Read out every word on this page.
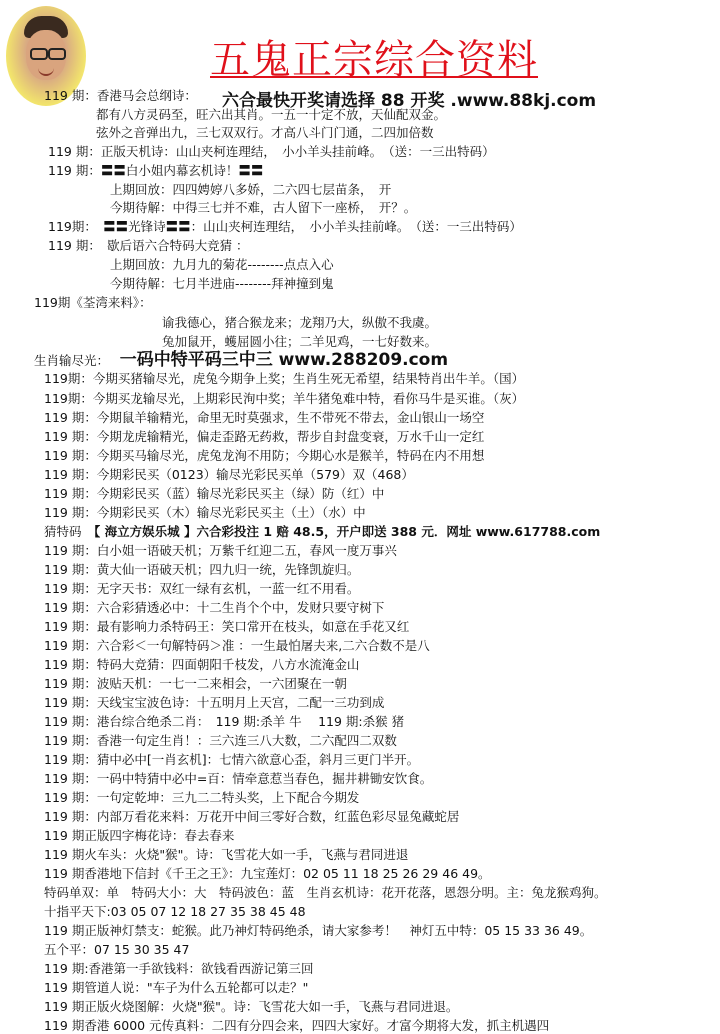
五鬼正宗综合资料
六合最快开奖请选择 88 开奖 .www.88kj.com
119 期：香港马会总纲诗：
都有八方灵码至，旺六出其肖。一五一十定不放，天仙配双金。
弦外之音弹出九，三七双双行。才高八斗门门通，二四加倍数
119 期：正版天机诗：山山夹柯连理结，　小小羊头挂前峰。　（送：一三出特码）
119 期：〓〓白小姐内幕玄机诗！〓〓
上期回放：四四娉婷八多娇，二六四七层苗条，　开
今期待解：中得三七并不难，古人留下一座桥，　开？。
119期：　〓〓光锋诗〓〓：山山夹柯连理结，　小小羊头挂前峰。　（送：一三出特码）
119 期：　歇后语六合特码大竞猜 ：
上期回放：九月九的菊花--------点点入心
今期待解：七月半进庙--------拜神撞到鬼
119期《荃湾来料》：
谕我德心，猪合猴龙来；龙翔乃大，纵傲不我虞。
兔加鼠开，蠖屈圆小往；二羊见鸡，一七好数来。
生肖输尽光：　一码中特平码三中三 www.288209.com
119期：今期买猪输尽光，虎兔今期争上奖；生肖生死无希望，结果特肖出牛羊。（国）
119期：今期买龙输尽光，上期彩民洵中奖；羊牛猪兔难中特，看你马牛是买谁。（灰）
119 期：今期鼠羊输精光，命里无时莫强求，生不带死不带去，金山银山一场空
119 期：今期龙虎输精光，偏走歪路无药救，帮步自封盘变衰，万水千山一定红
119 期：今期买马输尽光，虎兔龙洵不用防；今期心水是猴羊，特码在内不用想
119 期：今期彩民买（0123）输尽光彩民买单（579）双（468）
119 期：今期彩民买（蓝）输尽光彩民买主（绿）防（红）中
119 期：今期彩民买（木）输尽光彩民买主（土）（水）中
猜特码　【 海立方娱乐城 】六合彩投注 1 赔 48.5，开户即送 388 元．网址 www.617788.com
119 期：白小姐一语破天机；万紫千红迎二五，春风一度万事兴
119 期：黄大仙一语破天机；四九归一统，先锋凯旋归。
119 期：无字天书：双红一绿有玄机，一蓝一红不用看。
119 期：六合彩猜透必中：十二生肖个个中，发财只要守树下
119 期：最有影响力杀特码王：笑口常开在枝头，如意在手花又红
119 期：六合彩＜一句解特码＞准 ：一生最怕屠夫来,二六合数不是八
119 期：特码大竞猜：四面朝阳千枝发，八方水流淹金山
119 期：波贴天机：一七一二来相会，一六团聚在一朝
119 期：天线宝宝波色诗：十五明月上天宫，二配一三功到成
119 期：港台综合绝杀二肖：　119 期:杀羊 牛　 119 期:杀猴 猪
119 期：香港一句定生肖！：三六连三八大数，二六配四二双数
119 期：猜中必中[一肖玄机]：七情六欲意心歪，斜月三更门半开。
119 期：一码中特猜中必中=百：情牵意惹当春色，掘井耕锄安饮食。
119 期：一句定乾坤：三九二二特头奖，上下配合今期发
119 期：内部万看花来料：万花开中间三零好合数，红蓝色彩尽显兔藏蛇居
119 期正版四字梅花诗：春去春来
119 期火车头：火烧"猴"。诗：飞雪花大如一手，飞燕与君同进退
119 期香港地下信封《千王之王》：九宝莲灯：02 05 11 18 25 26 29 46 49。
特码单双：单　特码大小：大　特码波色：蓝　生肖玄机诗：花开花落，恩怨分明。主：兔龙猴鸡狗。
十指平天下:03 05 07 12 18 27 35 38 45 48
119 期正版神灯禁支：蛇猴。此乃神灯特码绝杀，请大家参考！　神灯五中特：05 15 33 36 49。
五个平：07 15 30 35 47
119 期:香港第一手欲钱料：欲钱看西游记第三回
119 期管道人说："车子为什么五轮都可以走？"
119 期正版火烧图解：火烧"猴"。诗：飞雪花大如一手，飞燕与君同进退。
119 期香港 6000 元传真料：二四有分四会来，四四大家好。才富今期将大发，抓主机遇四
